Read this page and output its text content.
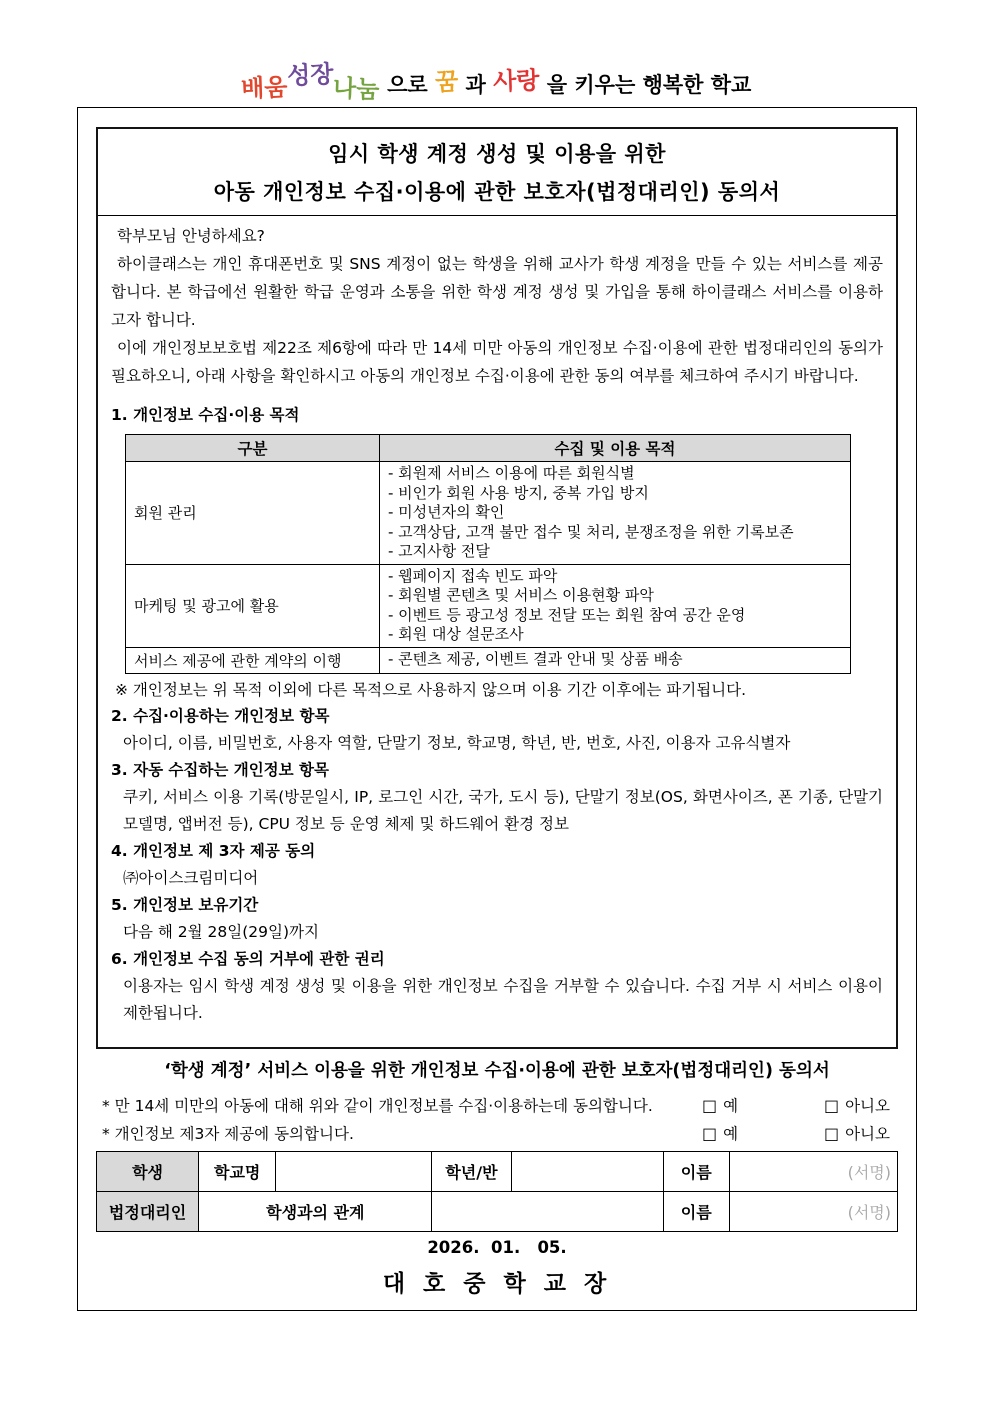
배움성장나눔 으로 꿈 과 사랑 을 키우는 행복한 학교
임시 학생 계정 생성 및 이용을 위한
아동 개인정보 수집·이용에 관한 보호자(법정대리인) 동의서

학부모님 안녕하세요?

하이클래스는 개인 휴대폰번호 및 SNS 계정이 없는 학생을 위해 교사가 학생 계정을 만들 수 있는 서비스를 제공합니다. 본 학급에선 원활한 학급 운영과 소통을 위한 학생 계정 생성 및 가입을 통해 하이클래스 서비스를 이용하고자 합니다.

이에 개인정보보호법 제22조 제6항에 따라 만 14세 미만 아동의 개인정보 수집·이용에 관한 법정대리인의 동의가 필요하오니, 아래 사항을 확인하시고 아동의 개인정보 수집·이용에 관한 동의 여부를 체크하여 주시기 바랍니다.

1. 개인정보 수집·이용 목적
구분	수집 및 이용 목적
회원 관리	- 회원제 서비스 이용에 따른 회원식별
- 비인가 회원 사용 방지, 중복 가입 방지
- 미성년자의 확인
- 고객상담, 고객 불만 접수 및 처리, 분쟁조정을 위한 기록보존
- 고지사항 전달

마케팅 및 광고에 활용	- 웹페이지 접속 빈도 파악
- 회원별 콘텐츠 및 서비스 이용현황 파악
- 이벤트 등 광고성 정보 전달 또는 회원 참여 공간 운영
- 회원 대상 설문조사

서비스 제공에 관한 계약의 이행	- 콘텐츠 제공, 이벤트 결과 안내 및 상품 배송
※ 개인정보는 위 목적 이외에 다른 목적으로 사용하지 않으며 이용 기간 이후에는 파기됩니다.
2. 수집·이용하는 개인정보 항목
아이디, 이름, 비밀번호, 사용자 역할, 단말기 정보, 학교명, 학년, 반, 번호, 사진, 이용자 고유식별자
3. 자동 수집하는 개인정보 항목
쿠키, 서비스 이용 기록(방문일시, IP, 로그인 시간, 국가, 도시 등), 단말기 정보(OS, 화면사이즈, 폰 기종, 단말기 모델명, 앱버전 등), CPU 정보 등 운영 체제 및 하드웨어 환경 정보
4. 개인정보 제 3자 제공 동의
㈜아이스크림미디어
5. 개인정보 보유기간
다음 해 2월 28일(29일)까지
6. 개인정보 수집 동의 거부에 관한 권리
이용자는 임시 학생 계정 생성 및 이용을 위한 개인정보 수집을 거부할 수 있습니다. 수집 거부 시 서비스 이용이 제한됩니다.
‘학생 계정’ 서비스 이용을 위한 개인정보 수집·이용에 관한 보호자(법정대리인) 동의서
* 만 14세 미만의 아동에 대해 위와 같이 개인정보를 수집·이용하는데 동의합니다.	□ 예	□ 아니오
* 개인정보 제3자 제공에 동의합니다.	□ 예	□ 아니오
학생	학교명		학년/반		이름	(서명)
법정대리인	학생과의 관계				이름	(서명)
2026.  01.   05.
대 호 중 학 교 장
